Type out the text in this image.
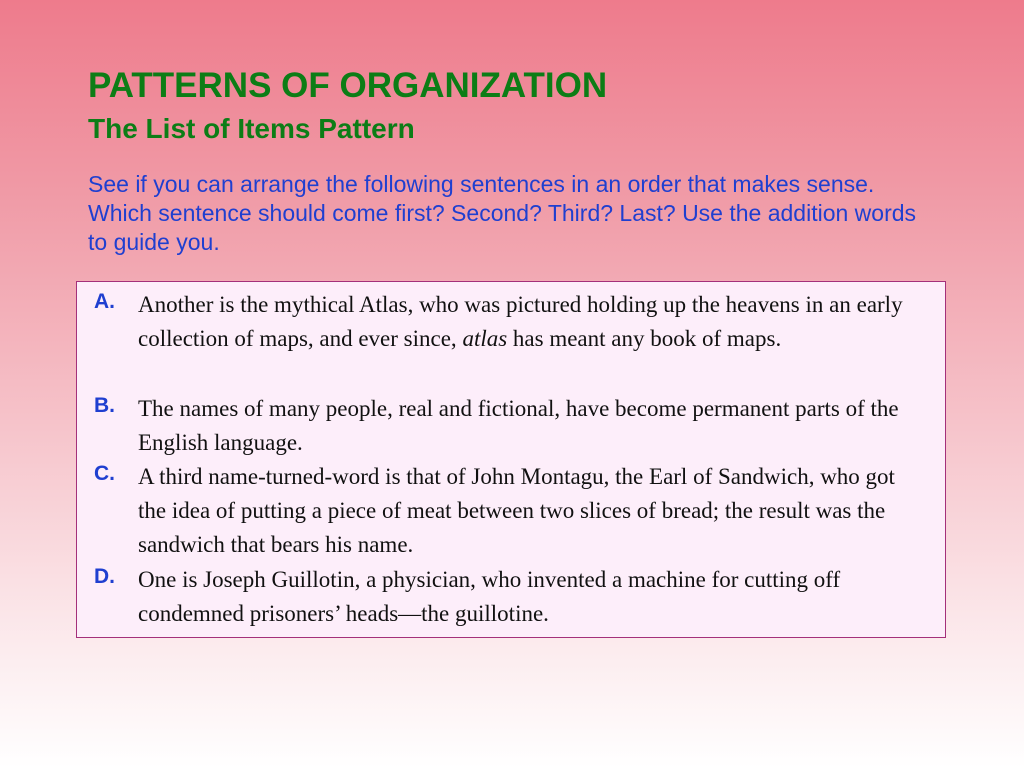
PATTERNS OF ORGANIZATION
The List of Items Pattern

See if you can arrange the following sentences in an order that makes sense. Which sentence should come first? Second? Third? Last? Use the addition words to guide you.

A. Another is the mythical Atlas, who was pictured holding up the heavens in an early collection of maps, and ever since, atlas has meant any book of maps.
B. The names of many people, real and fictional, have become permanent parts of the English language.
C. A third name-turned-word is that of John Montagu, the Earl of Sandwich, who got the idea of putting a piece of meat between two slices of bread; the result was the sandwich that bears his name.
D. One is Joseph Guillotin, a physician, who invented a machine for cutting off condemned prisoners’ heads—the guillotine.
